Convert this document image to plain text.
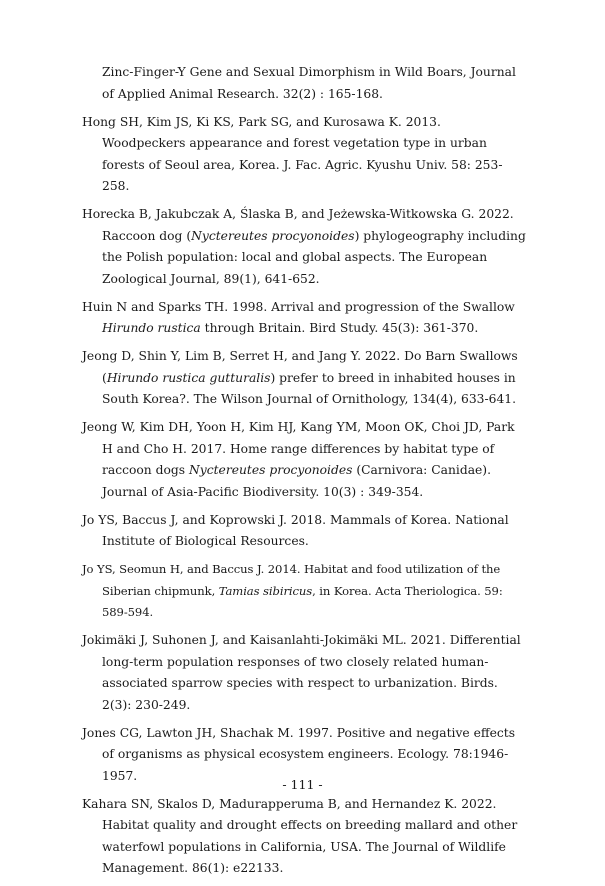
Zinc-Finger-Y Gene and Sexual Dimorphism in Wild Boars, Journal of Applied Animal Research. 32(2) : 165-168.

Hong SH, Kim JS, Ki KS, Park SG, and Kurosawa K. 2013. Woodpeckers appearance and forest vegetation type in urban forests of Seoul area, Korea. J. Fac. Agric. Kyushu Univ. 58: 253-258.

Horecka B, Jakubczak A, Ślaska B, and Jeżewska-Witkowska G. 2022. Raccoon dog (Nyctereutes procyonoides) phylogeography including the Polish population: local and global aspects. The European Zoological Journal, 89(1), 641-652.

Huin N and Sparks TH. 1998. Arrival and progression of the Swallow Hirundo rustica through Britain. Bird Study. 45(3): 361-370.

Jeong D, Shin Y, Lim B, Serret H, and Jang Y. 2022. Do Barn Swallows (Hirundo rustica gutturalis) prefer to breed in inhabited houses in South Korea?. The Wilson Journal of Ornithology, 134(4), 633-641.

Jeong W, Kim DH, Yoon H, Kim HJ, Kang YM, Moon OK, Choi JD, Park H and Cho H. 2017. Home range differences by habitat type of raccoon dogs Nyctereutes procyonoides (Carnivora: Canidae). Journal of Asia-Pacific Biodiversity. 10(3) : 349-354.

Jo YS, Baccus J, and Koprowski J. 2018. Mammals of Korea. National Institute of Biological Resources.

Jo YS, Seomun H, and Baccus J. 2014. Habitat and food utilization of the Siberian chipmunk, Tamias sibiricus, in Korea. Acta Theriologica. 59: 589-594.

Jokimäki J, Suhonen J, and Kaisanlahti-Jokimäki ML. 2021. Differential long-term population responses of two closely related human-associated sparrow species with respect to urbanization. Birds. 2(3): 230-249.

Jones CG, Lawton JH, Shachak M. 1997. Positive and negative effects of organisms as physical ecosystem engineers. Ecology. 78:1946-1957.

Kahara SN, Skalos D, Madurapperuma B, and Hernandez K. 2022. Habitat quality and drought effects on breeding mallard and other waterfowl populations in California, USA. The Journal of Wildlife Management. 86(1): e22133.

- 111 -
